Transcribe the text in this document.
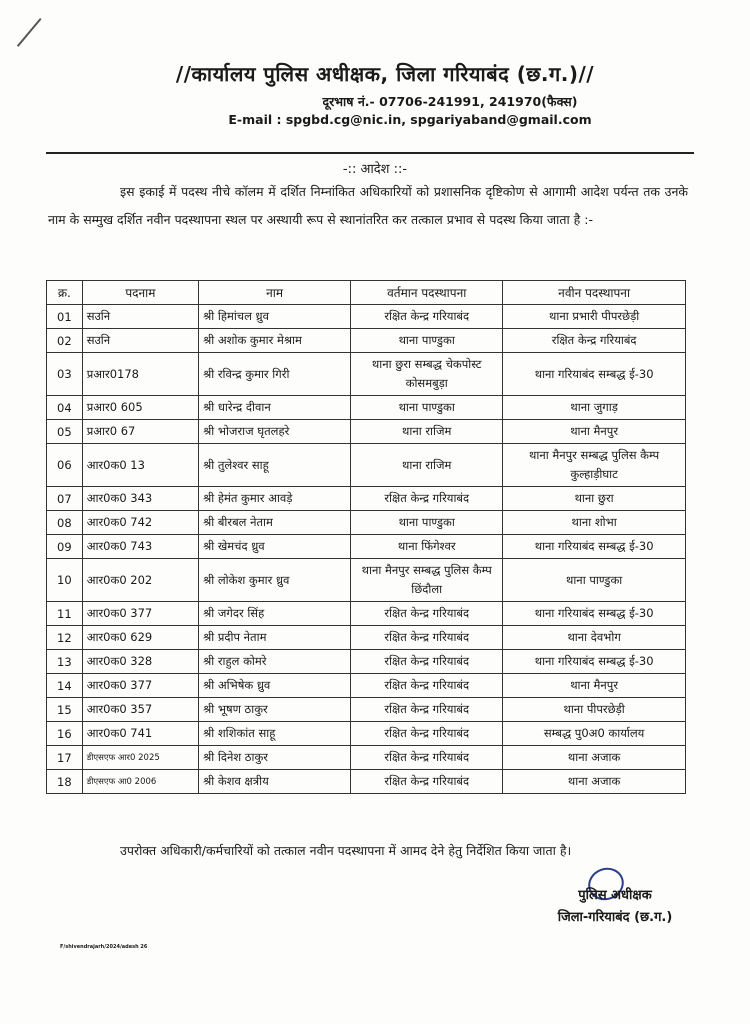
//कार्यालय पुलिस अधीक्षक, जिला गरियाबंद (छ.ग.)//
दूरभाष नं.- 07706-241991, 241970(फैक्स)
E-mail : spgbd.cg@nic.in, spgariyaband@gmail.com
-:: आदेश ::-
इस इकाई में पदस्थ नीचे कॉलम में दर्शित निम्नांकित अधिकारियों को प्रशासनिक दृष्टिकोण से आगामी आदेश पर्यन्त तक उनके नाम के सम्मुख दर्शित नवीन पदस्थापना स्थल पर अस्थायी रूप से स्थानांतरित कर तत्काल प्रभाव से पदस्थ किया जाता है :-
क्र.	पदनाम	नाम	वर्तमान पदस्थापना	नवीन पदस्थापना
01	सउनि	श्री हिमांचल ध्रुव	रक्षित केन्द्र गरियाबंद	थाना प्रभारी पीपरछेड़ी
02	सउनि	श्री अशोक कुमार मेश्राम	थाना पाण्डुका	रक्षित केन्द्र गरियाबंद
03	प्रआर0178	श्री रविन्द्र कुमार गिरी	थाना छुरा सम्बद्ध चेकपोस्ट कोसमबुड़ा	थाना गरियाबंद सम्बद्ध ई-30
04	प्रआर0 605	श्री धारेन्द्र दीवान	थाना पाण्डुका	थाना जुगाड़
05	प्रआर0 67	श्री भोजराज घृतलहरे	थाना राजिम	थाना मैनपुर
06	आर0क0 13	श्री तुलेश्वर साहू	थाना राजिम	थाना मैनपुर सम्बद्ध पुलिस कैम्प कुल्हाड़ीघाट
07	आर0क0 343	श्री हेमंत कुमार आवड़े	रक्षित केन्द्र गरियाबंद	थाना छुरा
08	आर0क0 742	श्री बीरबल नेताम	थाना पाण्डुका	थाना शोभा
09	आर0क0 743	श्री खेमचंद ध्रुव	थाना फिंगेश्वर	थाना गरियाबंद सम्बद्ध ई-30
10	आर0क0 202	श्री लोकेश कुमार ध्रुव	थाना मैनपुर सम्बद्ध पुलिस कैम्प छिंदौला	थाना पाण्डुका
11	आर0क0 377	श्री जगेदर सिंह	रक्षित केन्द्र गरियाबंद	थाना गरियाबंद सम्बद्ध ई-30
12	आर0क0 629	श्री प्रदीप नेताम	रक्षित केन्द्र गरियाबंद	थाना देवभोग
13	आर0क0 328	श्री राहुल कोमरे	रक्षित केन्द्र गरियाबंद	थाना गरियाबंद सम्बद्ध ई-30
14	आर0क0 377	श्री अभिषेक ध्रुव	रक्षित केन्द्र गरियाबंद	थाना मैनपुर
15	आर0क0 357	श्री भूषण ठाकुर	रक्षित केन्द्र गरियाबंद	थाना पीपरछेड़ी
16	आर0क0 741	श्री शशिकांत साहू	रक्षित केन्द्र गरियाबंद	सम्बद्ध पु0अ0 कार्यालय
17	डीएसएफ आर0 2025	श्री दिनेश ठाकुर	रक्षित केन्द्र गरियाबंद	थाना अजाक
18	डीएसएफ आ0 2006	श्री केशव क्षत्रीय	रक्षित केन्द्र गरियाबंद	थाना अजाक
उपरोक्त अधिकारी/कर्मचारियों को तत्काल नवीन पदस्थापना में आमद देने हेतु निर्देशित किया जाता है।
पुलिस अधीक्षक
जिला-गरियाबंद (छ.ग.)
F/shivendrajarh/2024/adesh 26
